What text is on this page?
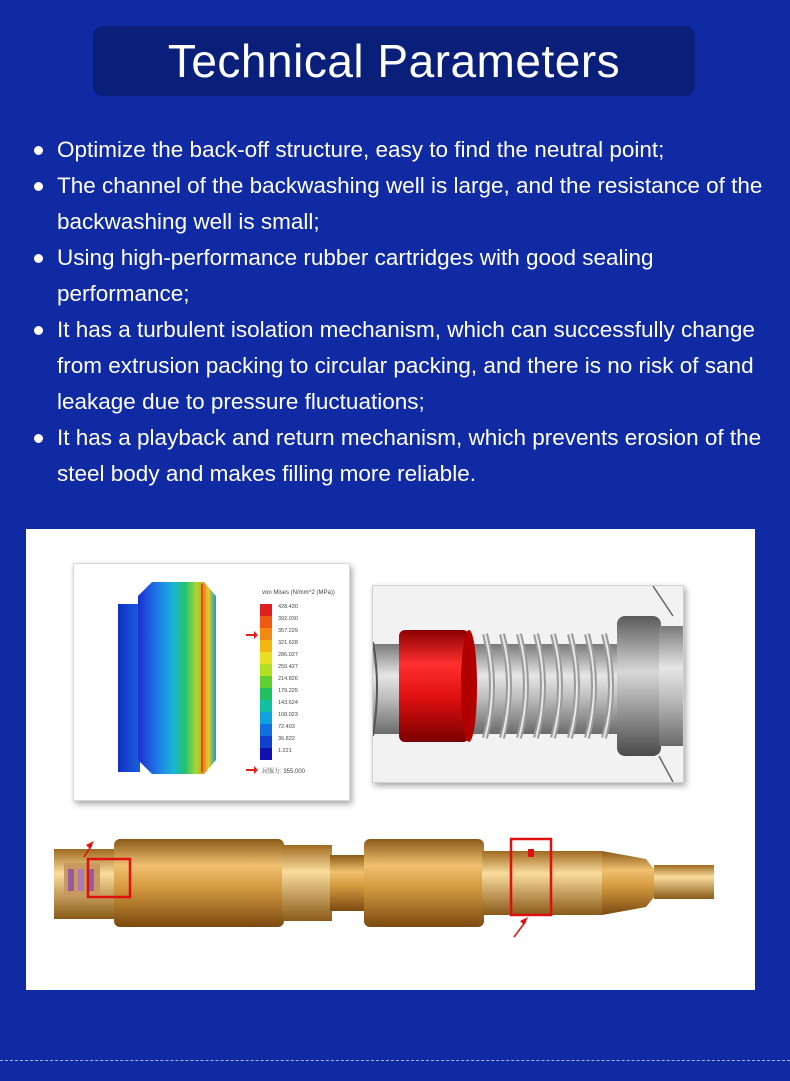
Technical Parameters
Optimize the back-off structure, easy to find the neutral point;
The channel of the backwashing well is large, and the resistance of the backwashing well is small;
Using high-performance rubber cartridges with good sealing performance;
It has a turbulent isolation mechanism, which can successfully change from extrusion packing to circular packing, and there is no risk of sand leakage due to pressure fluctuations;
It has a playback and return mechanism, which prevents erosion of the steel body and makes filling more reliable.
von Mises (N/mm^2 (MPa))
428.430
392.030
357.229
321.628
286.027
250.427
214.826
179.225
143.624
108.023
72.403
36.822
1.221
屈服力: 355.000
